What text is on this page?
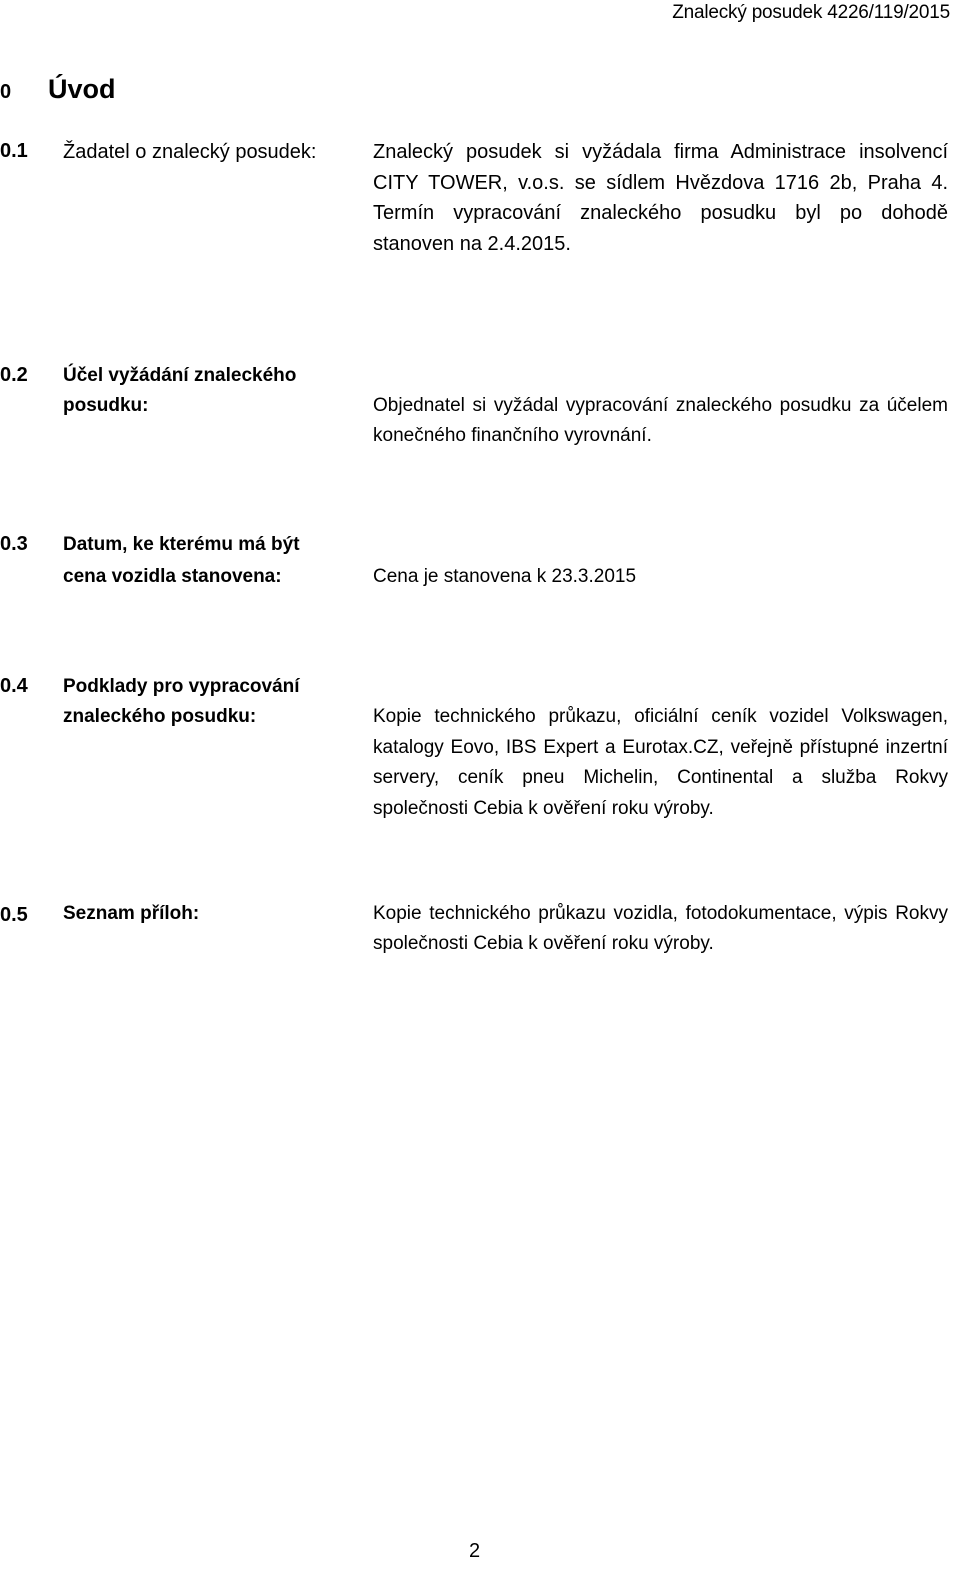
Znalecký posudek 4226/119/2015
0 Úvod
0.1 Žadatel o znalecký posudek:	Znalecký posudek si vyžádala firma Administrace insolvencí CITY TOWER, v.o.s. se sídlem Hvězdova 1716 2b, Praha 4. Termín vypracování znaleckého posudku byl po dohodě stanoven na 2.4.2015.
0.2 Účel vyžádání znaleckého
posudku:	Objednatel si vyžádal vypracování znaleckého posudku za účelem konečného finančního vyrovnání.
0.3 Datum, ke kterému má být
cena vozidla stanovena:	Cena je stanovena k 23.3.2015
0.4 Podklady pro vypracování
znaleckého posudku:	Kopie technického průkazu, oficiální ceník vozidel Volkswagen, katalogy Eovo, IBS Expert a Eurotax.CZ, veřejně přístupné inzertní servery, ceník pneu Michelin, Continental a služba Rokvy společnosti Cebia k ověření roku výroby.
0.5 Seznam příloh:	Kopie technického průkazu vozidla, fotodokumentace, výpis Rokvy společnosti Cebia k ověření roku výroby.
2
